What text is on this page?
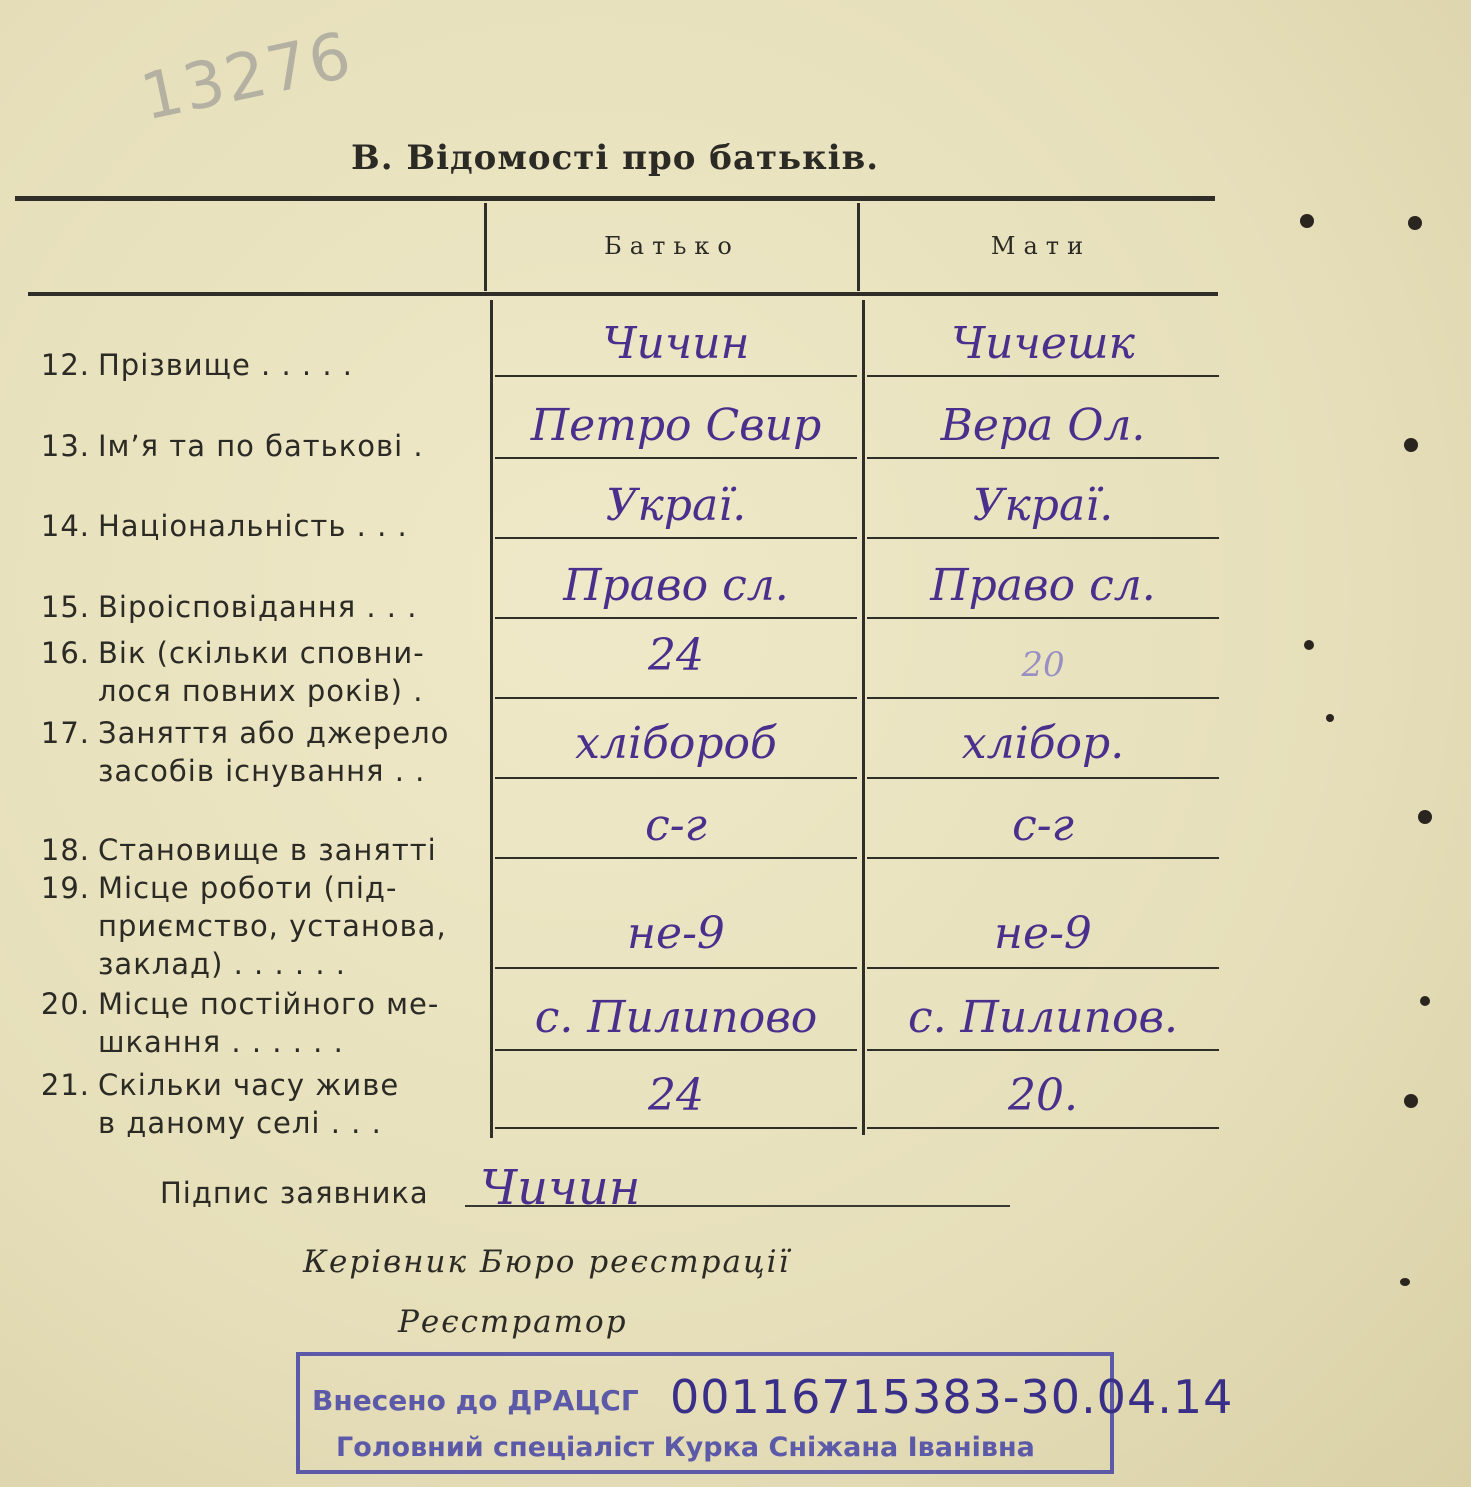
13276
В. Відомості про батьків.
Батько	Мати
12. Прізвище . . . . .
13. Ім’я та по батькові .
14. Національність . . .
15. Віроісповідання . . .
16. Вік (скільки сповни-
лося повних років) .
17. Заняття або джерело
засобів існування . .
18. Становище в занятті
19. Місце роботи (під-
приємство, установа,
заклад) . . . . . .
20. Місце постійного ме-
шкання . . . . . .
21. Скільки часу живе
в даному селі . . .
Чичин
Петро Свир
Украї.
Право сл.
24
хлібороб
с-г
не-9
с. Пилипово
24
Чичешк
Вера Ол.
Украї.
Право сл.
20
хлібор.
с-г
не-9
с. Пилипов.
20.
Підпис заявника Чичин
Керівник Бюро реєстрації
Реєстратор
Внесено до ДРАЦСГ
Головний спеціаліст Курка Сніжана Іванівна
00116715383-30.04.14
